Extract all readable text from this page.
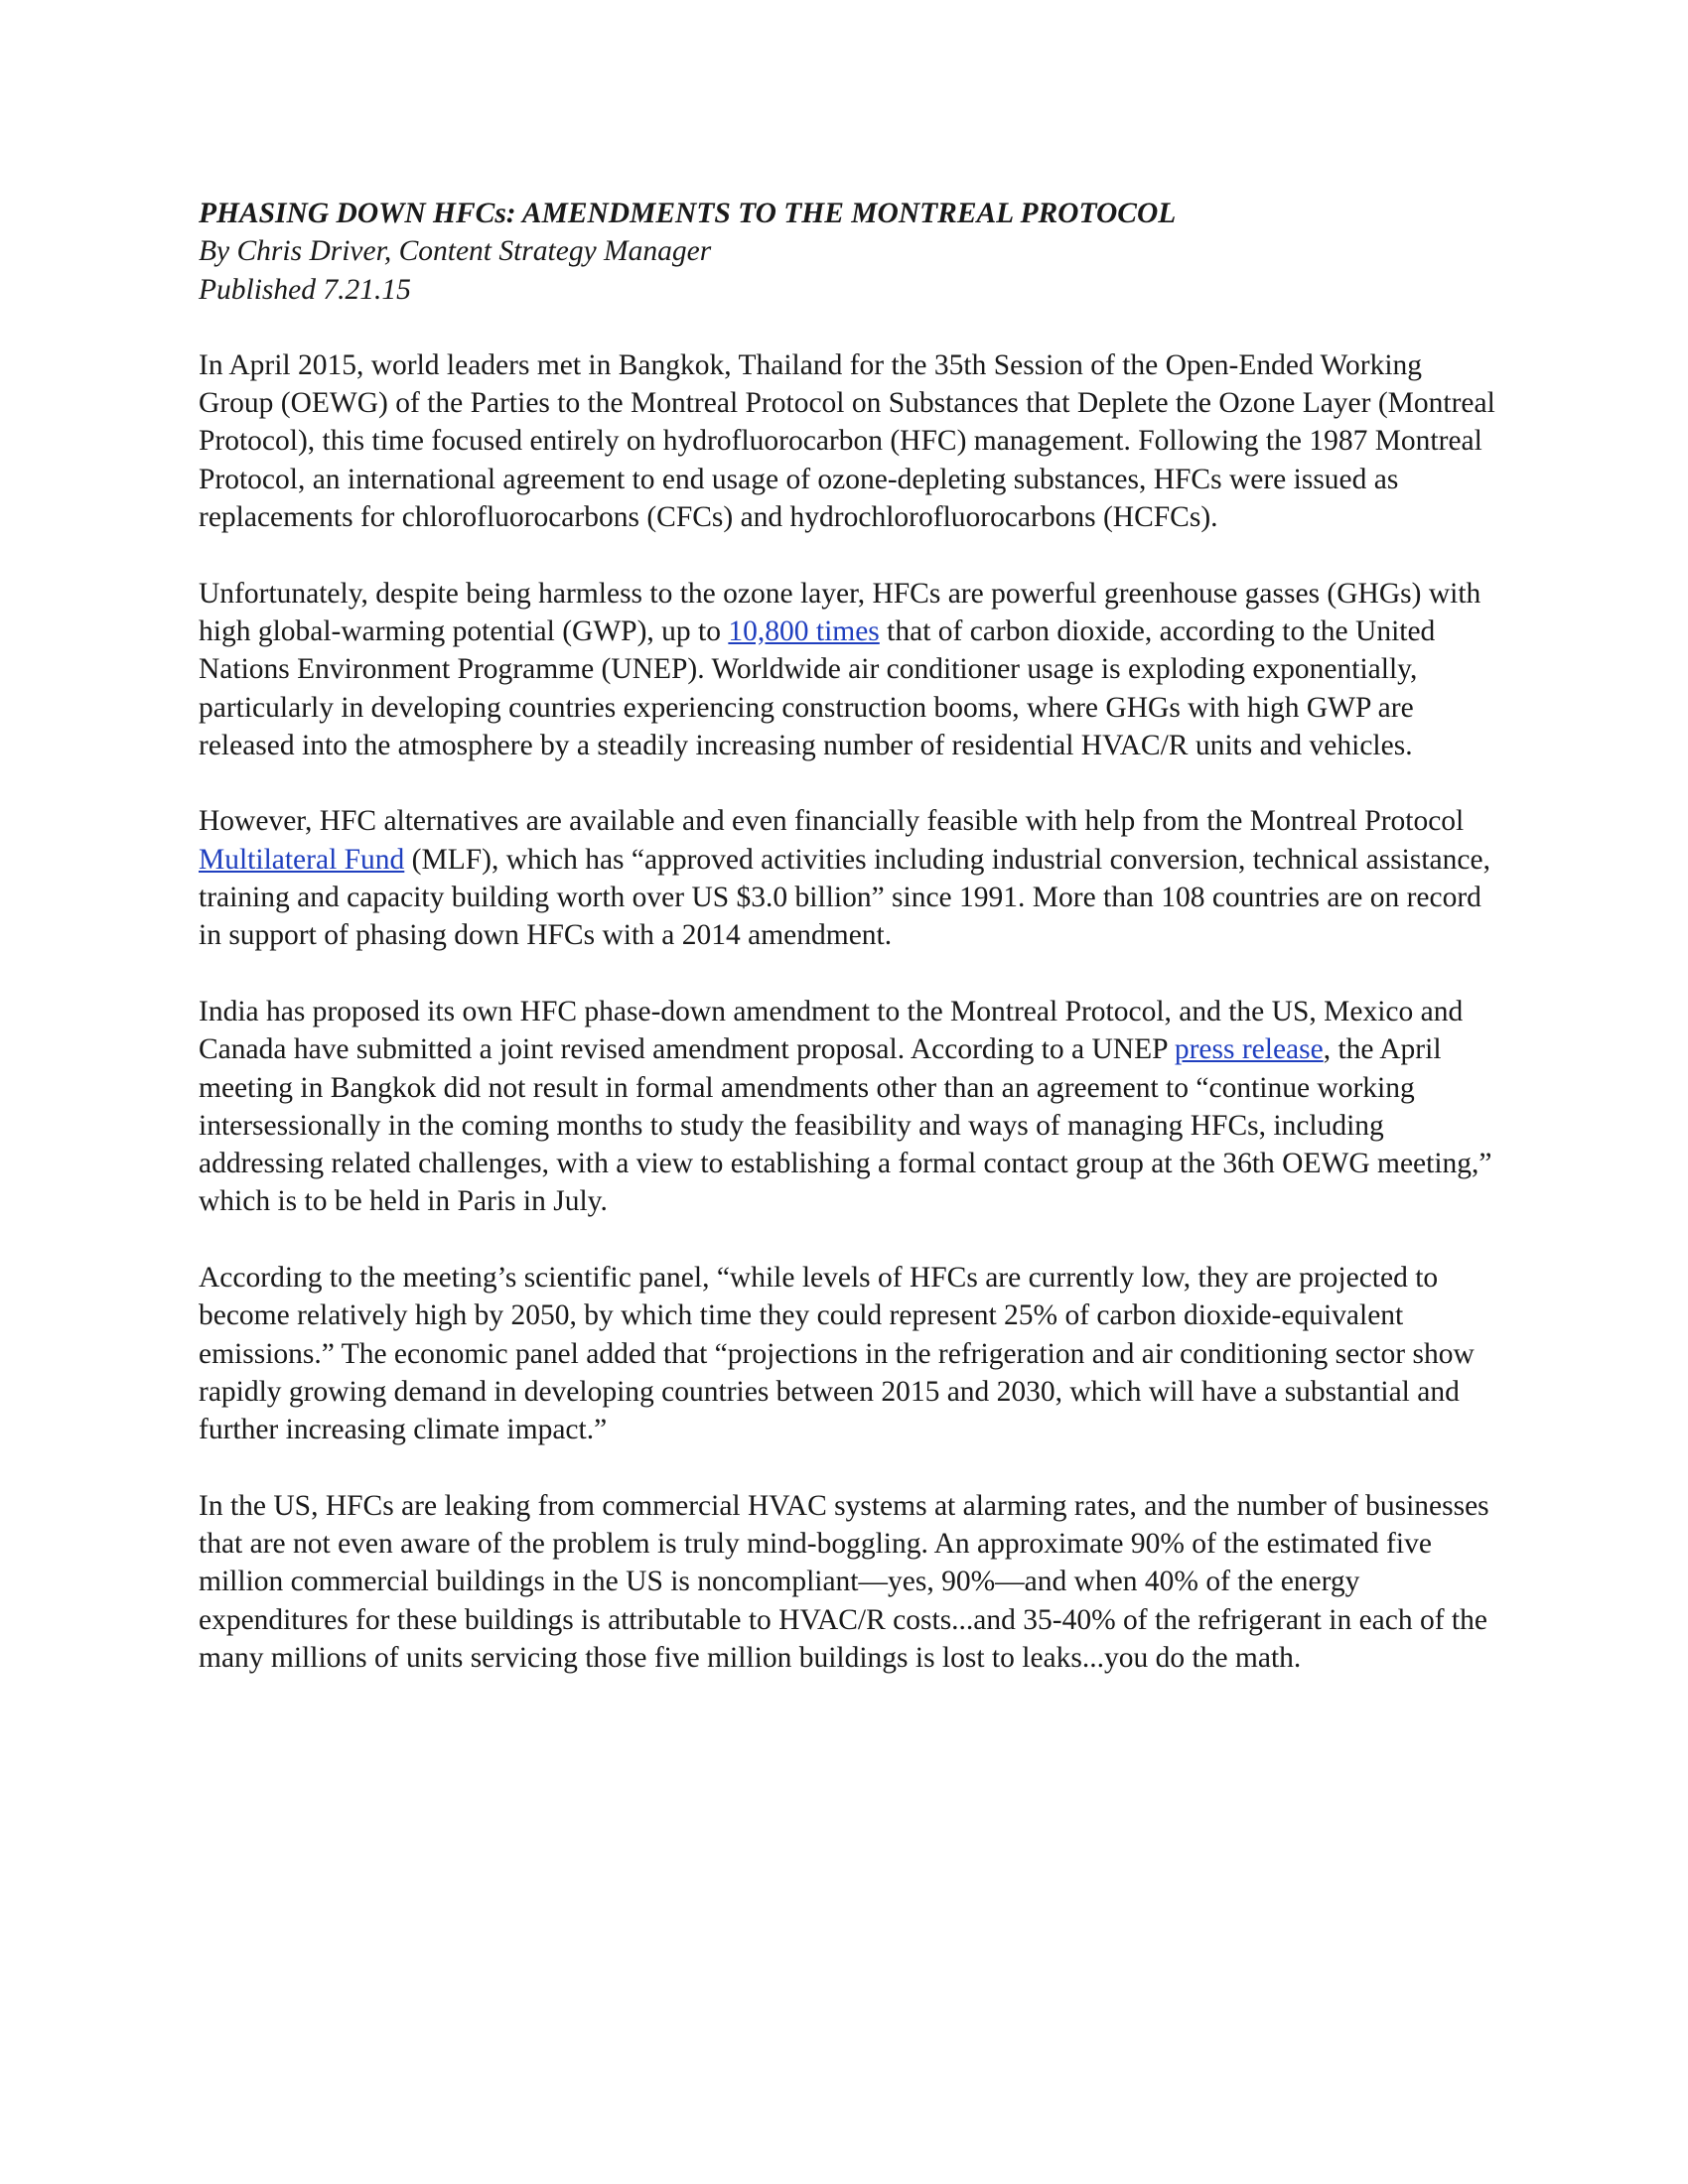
PHASING DOWN HFCs: AMENDMENTS TO THE MONTREAL PROTOCOL
By Chris Driver, Content Strategy Manager
Published 7.21.15

In April 2015, world leaders met in Bangkok, Thailand for the 35th Session of the Open-Ended Working Group (OEWG) of the Parties to the Montreal Protocol on Substances that Deplete the Ozone Layer (Montreal Protocol), this time focused entirely on hydrofluorocarbon (HFC) management. Following the 1987 Montreal Protocol, an international agreement to end usage of ozone-depleting substances, HFCs were issued as replacements for chlorofluorocarbons (CFCs) and hydrochlorofluorocarbons (HCFCs).

Unfortunately, despite being harmless to the ozone layer, HFCs are powerful greenhouse gasses (GHGs) with high global-warming potential (GWP), up to 10,800 times that of carbon dioxide, according to the United Nations Environment Programme (UNEP). Worldwide air conditioner usage is exploding exponentially, particularly in developing countries experiencing construction booms, where GHGs with high GWP are released into the atmosphere by a steadily increasing number of residential HVAC/R units and vehicles.

However, HFC alternatives are available and even financially feasible with help from the Montreal Protocol Multilateral Fund (MLF), which has “approved activities including industrial conversion, technical assistance, training and capacity building worth over US $3.0 billion” since 1991. More than 108 countries are on record in support of phasing down HFCs with a 2014 amendment.

India has proposed its own HFC phase-down amendment to the Montreal Protocol, and the US, Mexico and Canada have submitted a joint revised amendment proposal. According to a UNEP press release, the April meeting in Bangkok did not result in formal amendments other than an agreement to “continue working intersessionally in the coming months to study the feasibility and ways of managing HFCs, including addressing related challenges, with a view to establishing a formal contact group at the 36th OEWG meeting,” which is to be held in Paris in July.

According to the meeting’s scientific panel, “while levels of HFCs are currently low, they are projected to become relatively high by 2050, by which time they could represent 25% of carbon dioxide-equivalent emissions.” The economic panel added that “projections in the refrigeration and air conditioning sector show rapidly growing demand in developing countries between 2015 and 2030, which will have a substantial and further increasing climate impact.”

In the US, HFCs are leaking from commercial HVAC systems at alarming rates, and the number of businesses that are not even aware of the problem is truly mind-boggling. An approximate 90% of the estimated five million commercial buildings in the US is noncompliant—yes, 90%—and when 40% of the energy expenditures for these buildings is attributable to HVAC/R costs...and 35-40% of the refrigerant in each of the many millions of units servicing those five million buildings is lost to leaks...you do the math.
